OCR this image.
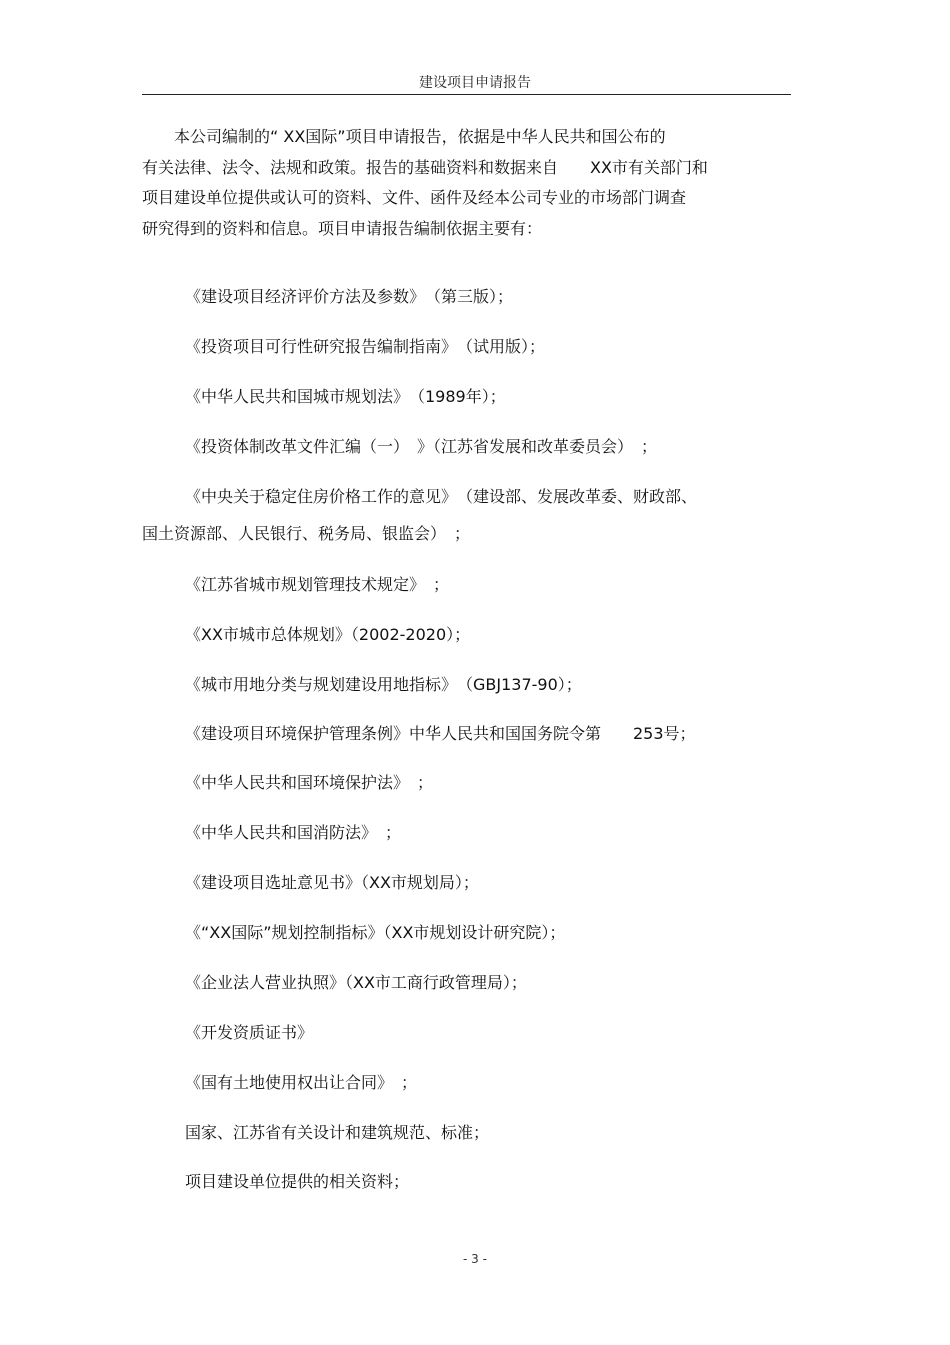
建设项目申请报告

本公司编制的“ XX国际”项目申请报告，依据是中华人民共和国公布的
有关法律、法令、法规和政策。报告的基础资料和数据来自　　XX市有关部门和
项目建设单位提供或认可的资料、文件、函件及经本公司专业的市场部门调查
研究得到的资料和信息。项目申请报告编制依据主要有：

《建设项目经济评价方法及参数》　（第三版）；

《投资项目可行性研究报告编制指南》　（试用版）；

《中华人民共和国城市规划法》　（1989年）；

《投资体制改革文件汇编（一）　》（江苏省发展和改革委员会）　；

《中央关于稳定住房价格工作的意见》　（建设部、发展改革委、财政部、
国土资源部、人民银行、税务局、银监会）　；

《江苏省城市规划管理技术规定》　；

《XX市城市总体规划》（2002-2020）；

《城市用地分类与规划建设用地指标》　（GBJ137-90）；

《建设项目环境保护管理条例》中华人民共和国国务院令第　　253号；

《中华人民共和国环境保护法》　；

《中华人民共和国消防法》　；

《建设项目选址意见书》（XX市规划局）；

《“XX国际”规划控制指标》（XX市规划设计研究院）；

《企业法人营业执照》（XX市工商行政管理局）；

《开发资质证书》

《国有土地使用权出让合同》　；

国家、江苏省有关设计和建筑规范、标准；

项目建设单位提供的相关资料；

- 3 -
